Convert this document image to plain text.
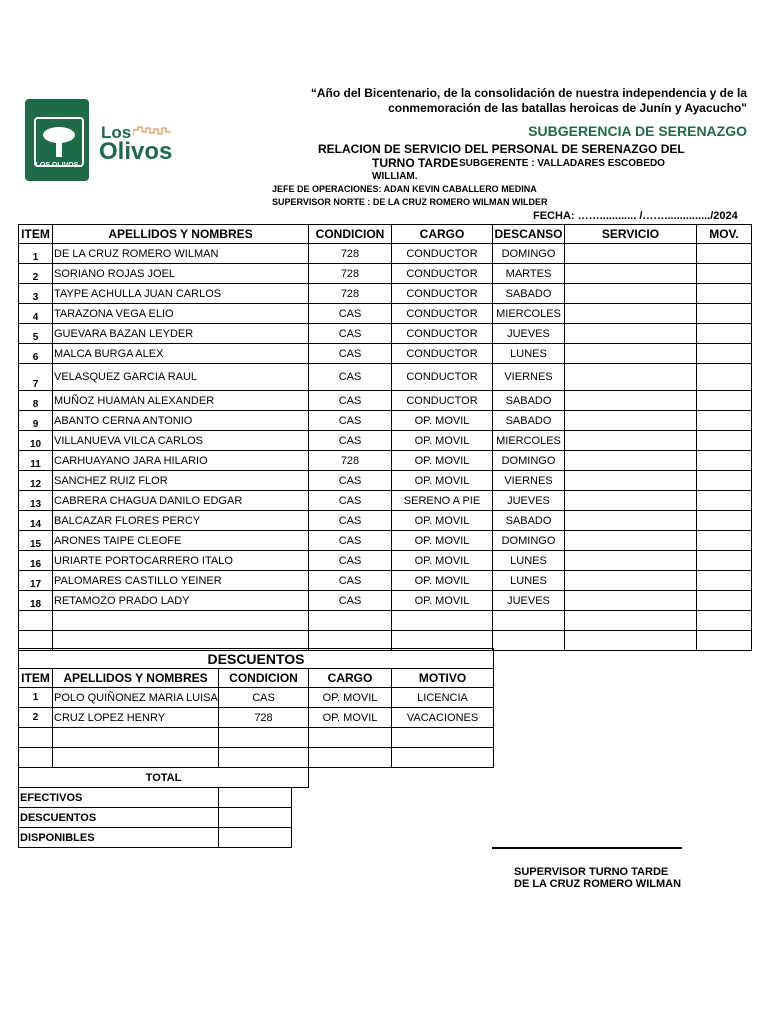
LOS OLIVOS
Los
Olivos
“Año del Bicentenario, de la consolidación de nuestra independencia y de la
conmemoración de las batallas heroicas de Junín y Ayacucho"
SUBGERENCIA DE SERENAZGO
RELACION DE SERVICIO DEL PERSONAL DE SERENAZGO DEL
TURNO TARDE SUBGERENTE : VALLADARES ESCOBEDO
WILLIAM.
JEFE DE OPERACIONES: ADAN KEVIN CABALLERO MEDINA
SUPERVISOR NORTE : DE LA CRUZ ROMERO WILMAN WILDER
FECHA: ……............ /…….............../2024
ITEM	APELLIDOS Y NOMBRES	CONDICION	CARGO	DESCANSO	SERVICIO	MOV.
1	DE LA CRUZ ROMERO WILMAN	728	CONDUCTOR	DOMINGO		
2	SORIANO ROJAS JOEL	728	CONDUCTOR	MARTES		
3	TAYPE ACHULLA JUAN CARLOS	728	CONDUCTOR	SABADO		
4	TARAZONA VEGA ELIO	CAS	CONDUCTOR	MIERCOLES		
5	GUEVARA BAZAN LEYDER	CAS	CONDUCTOR	JUEVES		
6	MALCA BURGA ALEX	CAS	CONDUCTOR	LUNES		
7	VELASQUEZ GARCIA RAUL	CAS	CONDUCTOR	VIERNES		
8	MUÑOZ HUAMAN ALEXANDER	CAS	CONDUCTOR	SABADO		
9	ABANTO CERNA ANTONIO	CAS	OP. MOVIL	SABADO		
10	VILLANUEVA VILCA CARLOS	CAS	OP. MOVIL	MIERCOLES		
11	CARHUAYANO JARA HILARIO	728	OP. MOVIL	DOMINGO		
12	SANCHEZ RUIZ FLOR	CAS	OP. MOVIL	VIERNES		
13	CABRERA CHAGUA DANILO EDGAR	CAS	SERENO A PIE	JUEVES		
14	BALCAZAR FLORES PERCY	CAS	OP. MOVIL	SABADO		
15	ARONES TAIPE CLEOFE	CAS	OP. MOVIL	DOMINGO		
16	URIARTE PORTOCARRERO ITALO	CAS	OP. MOVIL	LUNES		
17	PALOMARES CASTILLO YEINER	CAS	OP. MOVIL	LUNES		
18	RETAMOZO PRADO LADY	CAS	OP. MOVIL	JUEVES		

DESCUENTOS				
ITEM	APELLIDOS Y NOMBRES	CONDICION	CARGO	MOTIVO
1	POLO QUIÑONEZ MARIA LUISA	CAS	OP. MOVIL	LICENCIA
2	CRUZ LOPEZ HENRY	728	OP. MOVIL	VACACIONES

TOTAL				
EFECTIVOS	
DESCUENTOS	
DISPONIBLES	
SUPERVISOR TURNO TARDE
DE LA CRUZ ROMERO WILMAN
